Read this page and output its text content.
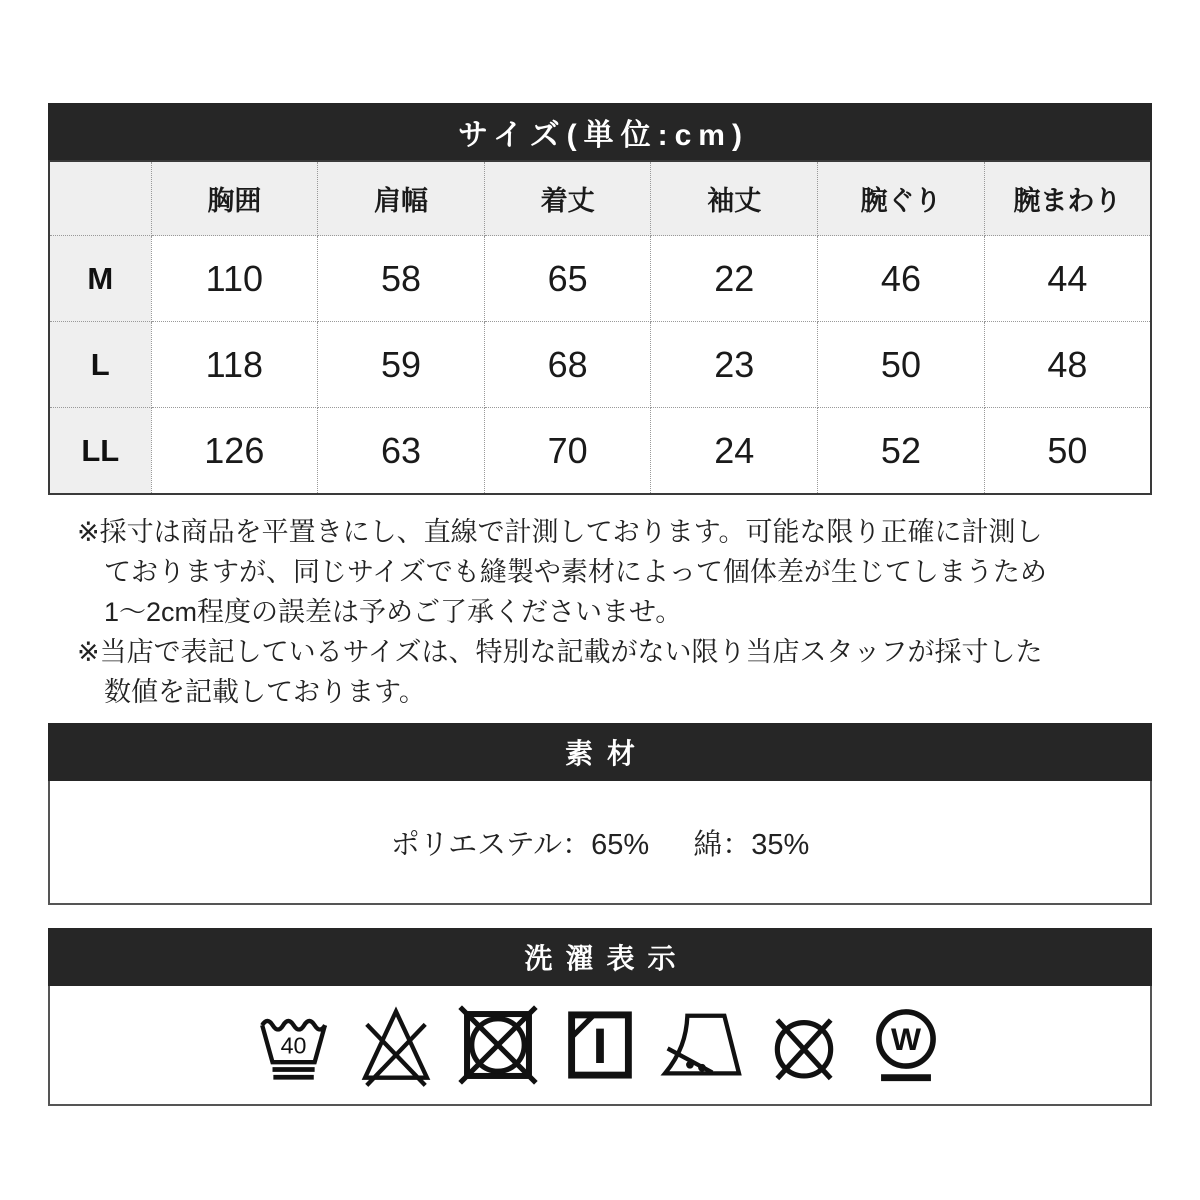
サイズ(単位:cm)
	胸囲	肩幅	着丈	袖丈	腕ぐり	腕まわり
M	110	58	65	22	46	44
L	118	59	68	23	50	48
LL	126	63	70	24	52	50
※採寸は商品を平置きにし、直線で計測しております。可能な限り正確に計測し
ておりますが、同じサイズでも縫製や素材によって個体差が生じてしまうため
1〜2cm程度の誤差は予めご了承くださいませ。
※当店で表記しているサイズは、特別な記載がない限り当店スタッフが採寸した
数値を記載しております。
素材
ポリエステル：65% 綿：35%
洗濯表示
40	W
